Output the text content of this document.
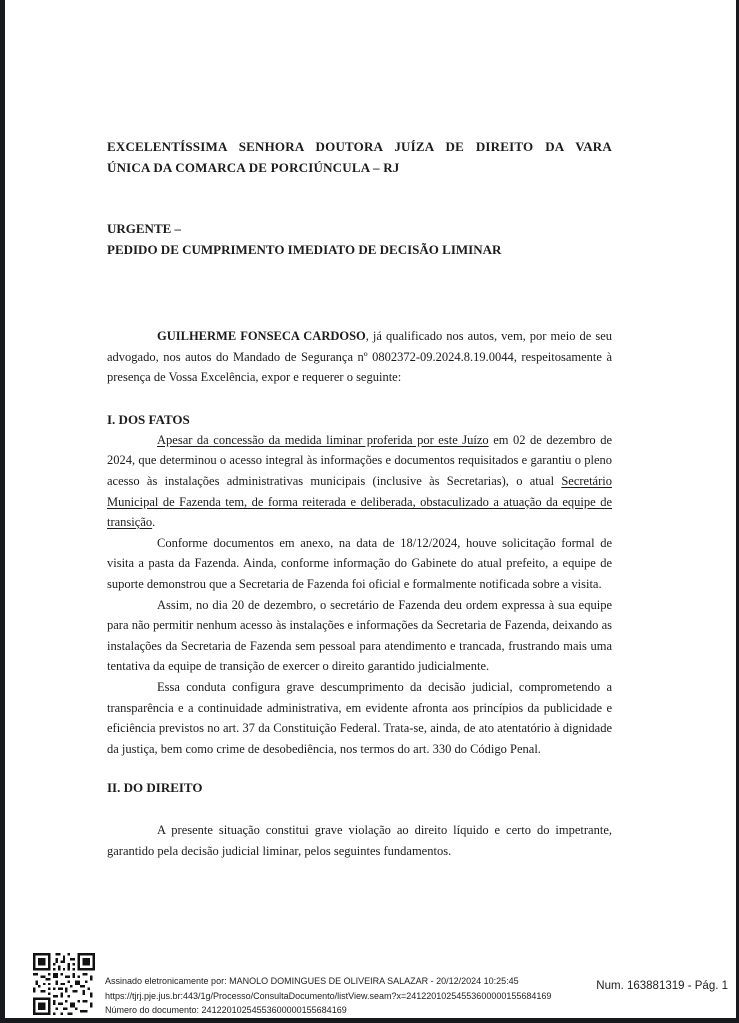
EXCELENTÍSSIMA SENHORA DOUTORA JUÍZA DE DIREITO DA VARA
ÚNICA DA COMARCA DE PORCIÚNCULA – RJ
URGENTE –
PEDIDO DE CUMPRIMENTO IMEDIATO DE DECISÃO LIMINAR

GUILHERME FONSECA CARDOSO, já qualificado nos autos, vem, por meio de seu advogado, nos autos do Mandado de Segurança nº 0802372-09.2024.8.19.0044, respeitosamente à presença de Vossa Excelência, expor e requerer o seguinte:

I. DOS FATOS

Apesar da concessão da medida liminar proferida por este Juízo em 02 de dezembro de 2024, que determinou o acesso integral às informações e documentos requisitados e garantiu o pleno acesso às instalações administrativas municipais (inclusive às Secretarias), o atual Secretário Municipal de Fazenda tem, de forma reiterada e deliberada, obstaculizado a atuação da equipe de transição.

Conforme documentos em anexo, na data de 18/12/2024, houve solicitação formal de visita a pasta da Fazenda. Ainda, conforme informação do Gabinete do atual prefeito, a equipe de suporte demonstrou que a Secretaria de Fazenda foi oficial e formalmente notificada sobre a visita.

Assim, no dia 20 de dezembro, o secretário de Fazenda deu ordem expressa à sua equipe para não permitir nenhum acesso às instalações e informações da Secretaria de Fazenda, deixando as instalações da Secretaria de Fazenda sem pessoal para atendimento e trancada, frustrando mais uma tentativa da equipe de transição de exercer o direito garantido judicialmente.

Essa conduta configura grave descumprimento da decisão judicial, comprometendo a transparência e a continuidade administrativa, em evidente afronta aos princípios da publicidade e eficiência previstos no art. 37 da Constituição Federal. Trata-se, ainda, de ato atentatório à dignidade da justiça, bem como crime de desobediência, nos termos do art. 330 do Código Penal.

II. DO DIREITO

A presente situação constitui grave violação ao direito líquido e certo do impetrante, garantido pela decisão judicial liminar, pelos seguintes fundamentos.

Assinado eletronicamente por: MANOLO DOMINGUES DE OLIVEIRA SALAZAR - 20/12/2024 10:25:45
https://tjrj.pje.jus.br:443/1g/Processo/ConsultaDocumento/listView.seam?x=24122010254553600000155684169
Número do documento: 24122010254553600000155684169
Num. 163881319 - Pág. 1
